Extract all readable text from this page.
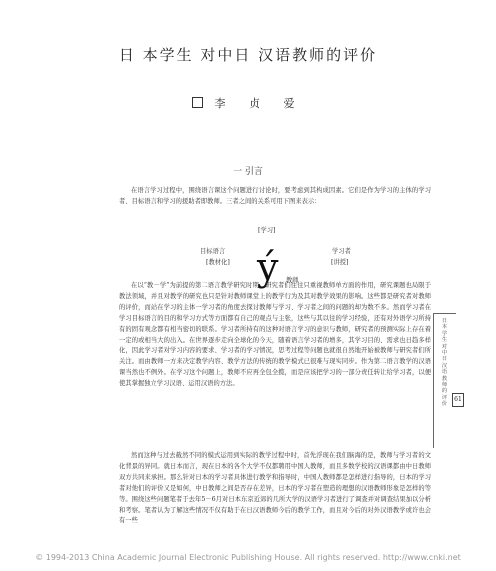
日 本学生 对中日 汉语教师的评价
李 贞 爱
一 引言

在语言学习过程中，围绕语言课这个问题进行讨论时，要考虑到其构成因素。它们是作为学习的主体的学习者、目标语言和学习的援助者即教师。三者之间的关系可用下图来表示：

[学习]
目标语言
[教材化]
学习者
[讲授]
ý 教师

在以“教－学”为前提的第二语言教学研究时期，研究者们往往只重视教师单方面的作用，研究课题也局限于教法领域，并且对教学的研究也只是针对教师课堂上的教学行为及其对教学效果的影响。这些都是研究者对教师的评价，而站在学习的主体一学习者的角度去探讨教师与学习、学习者之间的问题的却为数不多。然而学习者在学习目标语言的目的和学习方式等方面都有自己的观点与主张，这些与其以往的学习经验，还有对外语学习所持有的固有观念都有相当密切的联系。学习者所持有的这种对语言学习的意识与教师，研究者的预测实际上存在着一定的或相当大的出入。在世界逐步走向全球化的今天，随着语言学习者的增多，其学习目的、需求也日趋多样化，因此学习者对学习内容的要求、学习者的学习情况，思考过程等问题也就很自然地开始被教师与研究者们所关注。而由教师一方来决定教学内容、教学方法的传统的教学模式已很难与现实同步。作为第二语言教学的汉语课当然也不例外。在学习这个问题上，教师不应再全包全揽，而是应该把学习的一部分责任转让给学习者，以便使其掌握独立学习汉语、运用汉语的方法。

然而这种与过去截然不同的模式运用到实际的教学过程中时，首先浮现在我们脑海的是，教师与学习者的文化背景的异同。就日本而言，现在日本的各个大学不仅都聘用中国人教师，而且多数学校的汉语课都由中日教师双方共同来承担。那么针对日本的学习者具体进行教学和指导时，中国人教师都是怎样进行指导的，日本的学习者对他们的评价又是如何，中日教师之间是否存在差异，日本的学习者在塑造的理想的汉语教师形象是怎样的等等。围绕这些问题笔者于去年5－6月对日本东京近郊的几所大学的汉语学习者进行了调查并对调查结果加以分析和考察。笔者认为了解这些情况不仅有助于在日汉语教师今后的教学工作，而且对今后的对外汉语教学或许也会有一些

日本学生对中日汉语教师的评价
61
© 1994-2013 China Academic Journal Electronic Publishing House. All rights reserved. http://www.cnki.net
